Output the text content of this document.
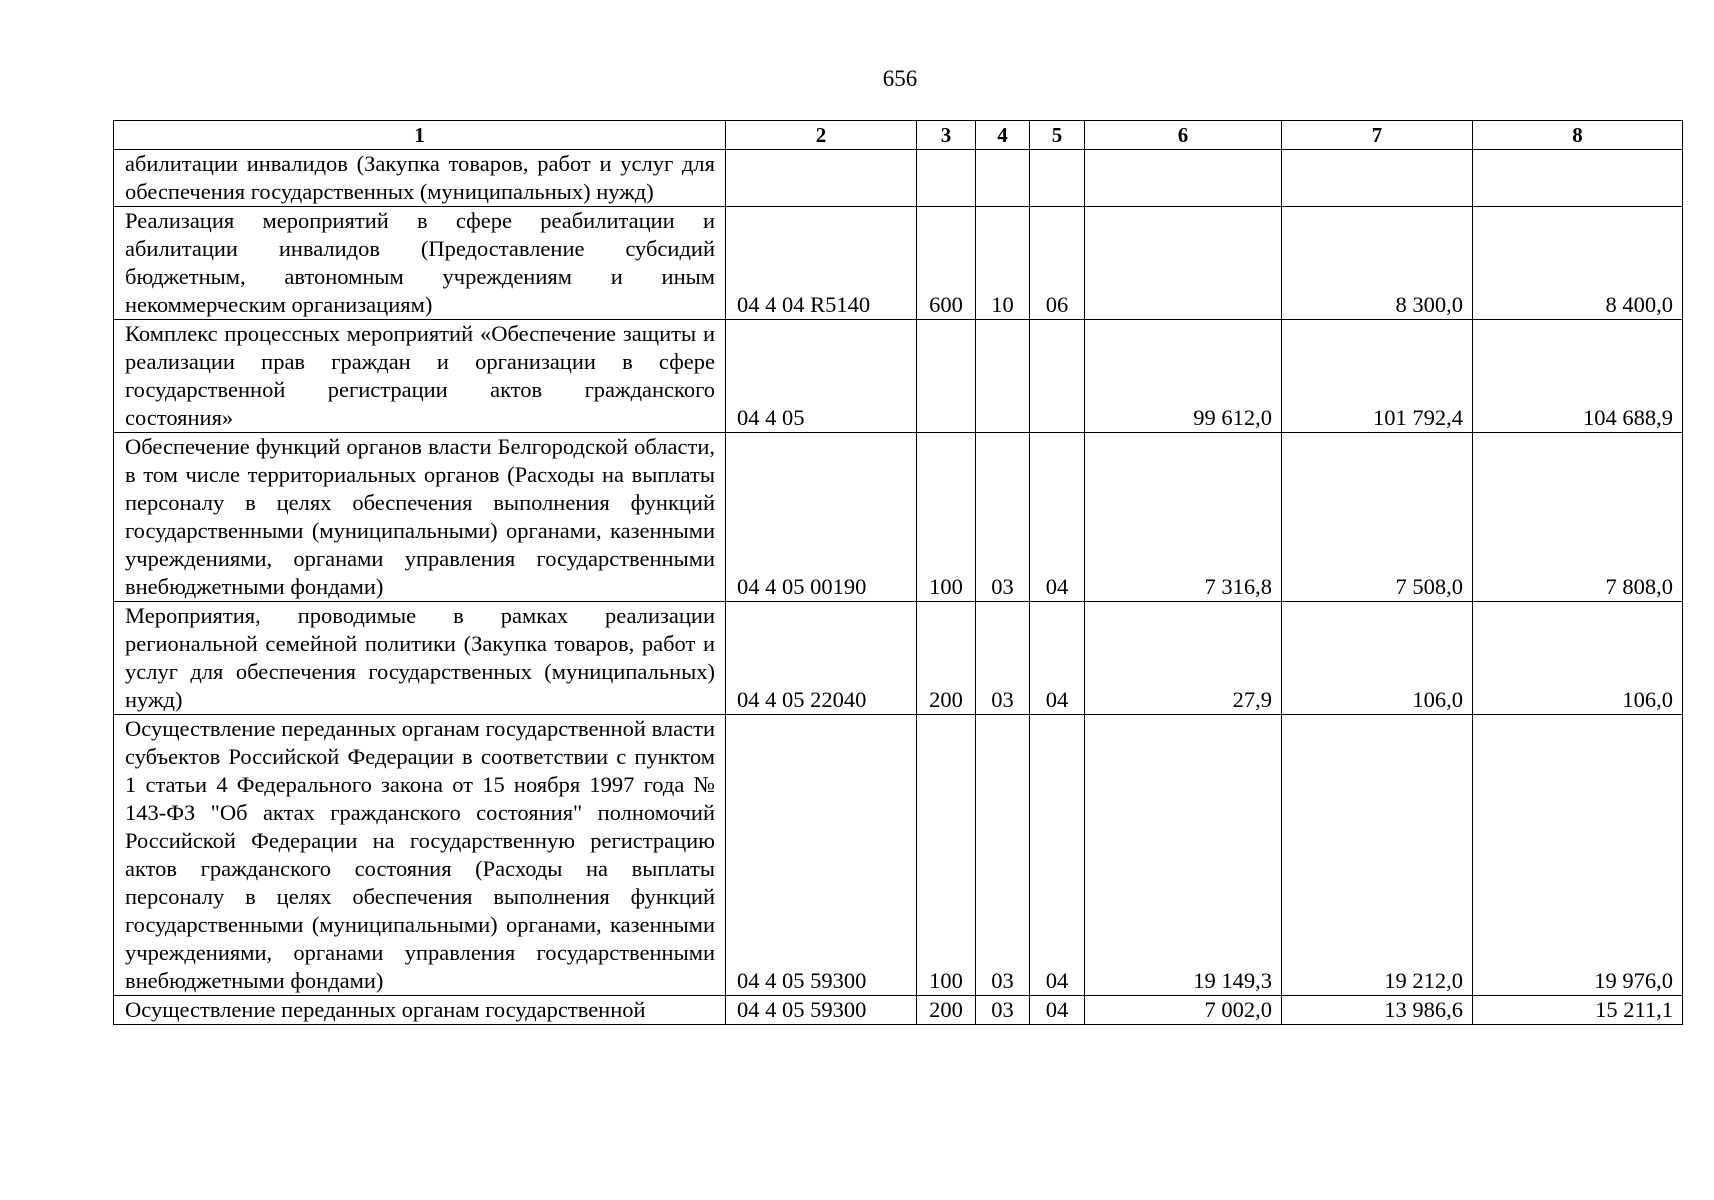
656
1	2	3	4	5	6	7	8
абилитации инвалидов (Закупка товаров, работ и услуг для обеспечения государственных (муниципальных) нужд)							
Реализация мероприятий в сфере реабилитации и абилитации инвалидов (Предоставление субсидий бюджетным, автономным учреждениям и иным некоммерческим организациям)	04 4 04 R5140	600	10	06		8 300,0	8 400,0
Комплекс процессных мероприятий «Обеспечение защиты и реализации прав граждан и организации в сфере государственной регистрации актов гражданского состояния»	04 4 05				99 612,0	101 792,4	104 688,9
Обеспечение функций органов власти Белгородской области, в том числе территориальных органов (Расходы на выплаты персоналу в целях обеспечения выполнения функций государственными (муниципальными) органами, казенными учреждениями, органами управления государственными внебюджетными фондами)	04 4 05 00190	100	03	04	7 316,8	7 508,0	7 808,0
Мероприятия, проводимые в рамках реализации региональной семейной политики (Закупка товаров, работ и услуг для обеспечения государственных (муниципальных) нужд)	04 4 05 22040	200	03	04	27,9	106,0	106,0
Осуществление переданных органам государственной власти субъектов Российской Федерации в соответствии с пунктом 1 статьи 4 Федерального закона от 15 ноября 1997 года № 143-ФЗ "Об актах гражданского состояния" полномочий Российской Федерации на государственную регистрацию актов гражданского состояния (Расходы на выплаты персоналу в целях обеспечения выполнения функций государственными (муниципальными) органами, казенными учреждениями, органами управления государственными внебюджетными фондами)	04 4 05 59300	100	03	04	19 149,3	19 212,0	19 976,0
Осуществление переданных органам государственной	04 4 05 59300	200	03	04	7 002,0	13 986,6	15 211,1
